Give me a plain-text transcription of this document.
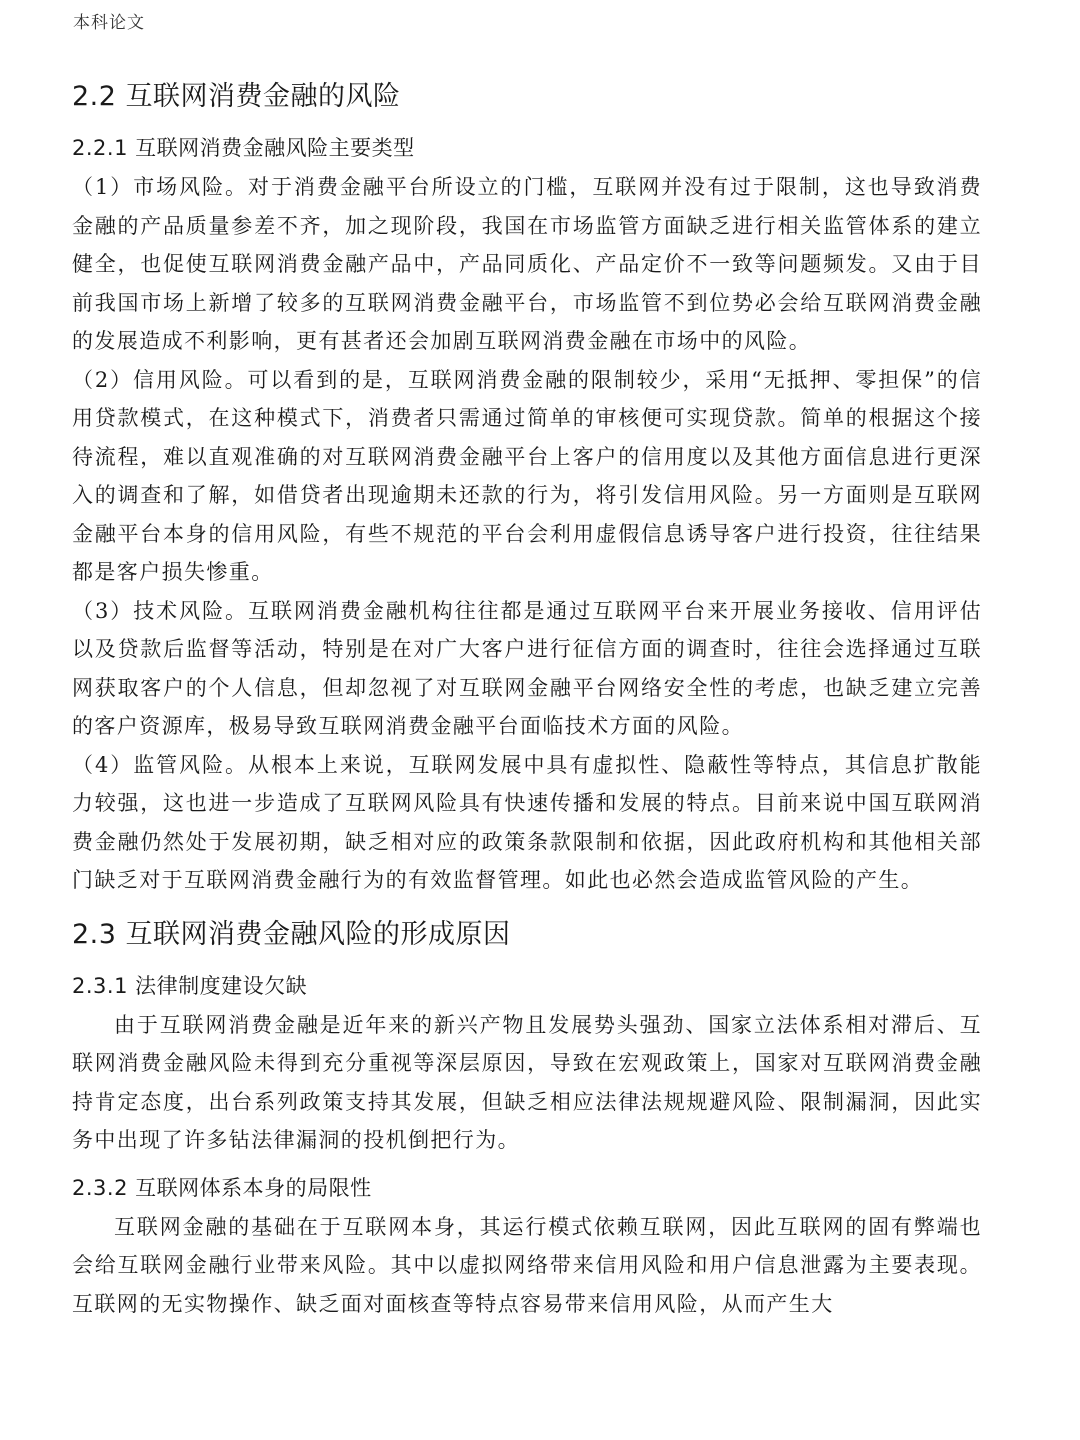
本科论文
2.2 互联网消费金融的风险
2.2.1 互联网消费金融风险主要类型

（1）市场风险。对于消费金融平台所设立的门槛，互联网并没有过于限制，这也导致消费金融的产品质量参差不齐，加之现阶段，我国在市场监管方面缺乏进行相关监管体系的建立健全，也促使互联网消费金融产品中，产品同质化、产品定价不一致等问题频发。又由于目前我国市场上新增了较多的互联网消费金融平台，市场监管不到位势必会给互联网消费金融的发展造成不利影响，更有甚者还会加剧互联网消费金融在市场中的风险。

（2）信用风险。可以看到的是，互联网消费金融的限制较少，采用“无抵押、零担保”的信用贷款模式，在这种模式下，消费者只需通过简单的审核便可实现贷款。简单的根据这个接待流程，难以直观准确的对互联网消费金融平台上客户的信用度以及其他方面信息进行更深入的调查和了解，如借贷者出现逾期未还款的行为，将引发信用风险。另一方面则是互联网金融平台本身的信用风险，有些不规范的平台会利用虚假信息诱导客户进行投资，往往结果都是客户损失惨重。

（3）技术风险。互联网消费金融机构往往都是通过互联网平台来开展业务接收、信用评估以及贷款后监督等活动，特别是在对广大客户进行征信方面的调查时，往往会选择通过互联网获取客户的个人信息，但却忽视了对互联网金融平台网络安全性的考虑，也缺乏建立完善的客户资源库，极易导致互联网消费金融平台面临技术方面的风险。

（4）监管风险。从根本上来说，互联网发展中具有虚拟性、隐蔽性等特点，其信息扩散能力较强，这也进一步造成了互联网风险具有快速传播和发展的特点。目前来说中国互联网消费金融仍然处于发展初期，缺乏相对应的政策条款限制和依据，因此政府机构和其他相关部门缺乏对于互联网消费金融行为的有效监督管理。如此也必然会造成监管风险的产生。

2.3 互联网消费金融风险的形成原因
2.3.1 法律制度建设欠缺

由于互联网消费金融是近年来的新兴产物且发展势头强劲、国家立法体系相对滞后、互联网消费金融风险未得到充分重视等深层原因，导致在宏观政策上，国家对互联网消费金融持肯定态度，出台系列政策支持其发展，但缺乏相应法律法规规避风险、限制漏洞，因此实务中出现了许多钻法律漏洞的投机倒把行为。

2.3.2 互联网体系本身的局限性

互联网金融的基础在于互联网本身，其运行模式依赖互联网，因此互联网的固有弊端也会给互联网金融行业带来风险。其中以虚拟网络带来信用风险和用户信息泄露为主要表现。互联网的无实物操作、缺乏面对面核查等特点容易带来信用风险，从而产生大
